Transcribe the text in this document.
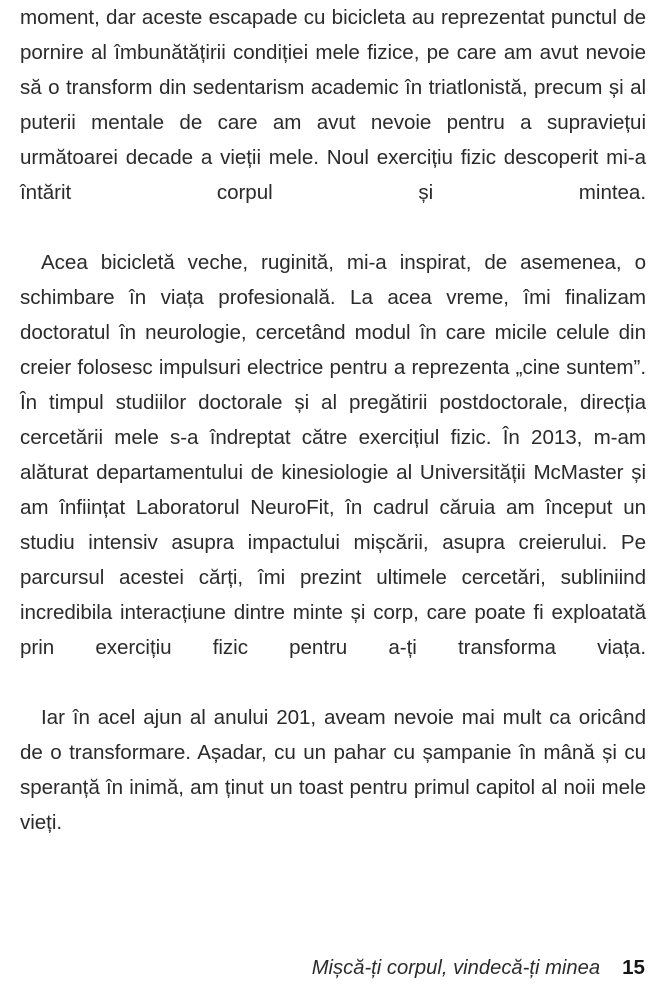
moment, dar aceste escapade cu bicicleta au reprezentat punctul de pornire al îmbunătățirii condiției mele fizice, pe care am avut nevoie să o transform din sedentarism academic în triatlonistă, precum și al puterii mentale de care am avut nevoie pentru a supraviețui următoarei decade a vieții mele. Noul exercițiu fizic descoperit mi-a întărit corpul și mintea.

Acea bicicletă veche, ruginită, mi-a inspirat, de asemenea, o schimbare în viața profesională. La acea vreme, îmi finalizam doctoratul în neurologie, cercetând modul în care micile celule din creier folosesc impulsuri electrice pentru a reprezenta „cine suntem”. În timpul studiilor doctorale și al pregătirii postdoctorale, direcția cercetării mele s-a îndreptat către exercițiul fizic. În 2013, m-am alăturat departamentului de kinesiologie al Universității McMaster și am înființat Laboratorul NeuroFit, în cadrul căruia am început un studiu intensiv asupra impactului mișcării, asupra creierului. Pe parcursul acestei cărți, îmi prezint ultimele cercetări, subliniind incredibila interacțiune dintre minte și corp, care poate fi exploatată prin exercițiu fizic pentru a-ți transforma viața.

Iar în acel ajun al anului 201, aveam nevoie mai mult ca oricând de o transformare. Așadar, cu un pahar cu șampanie în mână și cu speranță în inimă, am ținut un toast pentru primul capitol al noii mele vieți.

Mișcă-ți corpul, vindecă-ți minea 15
